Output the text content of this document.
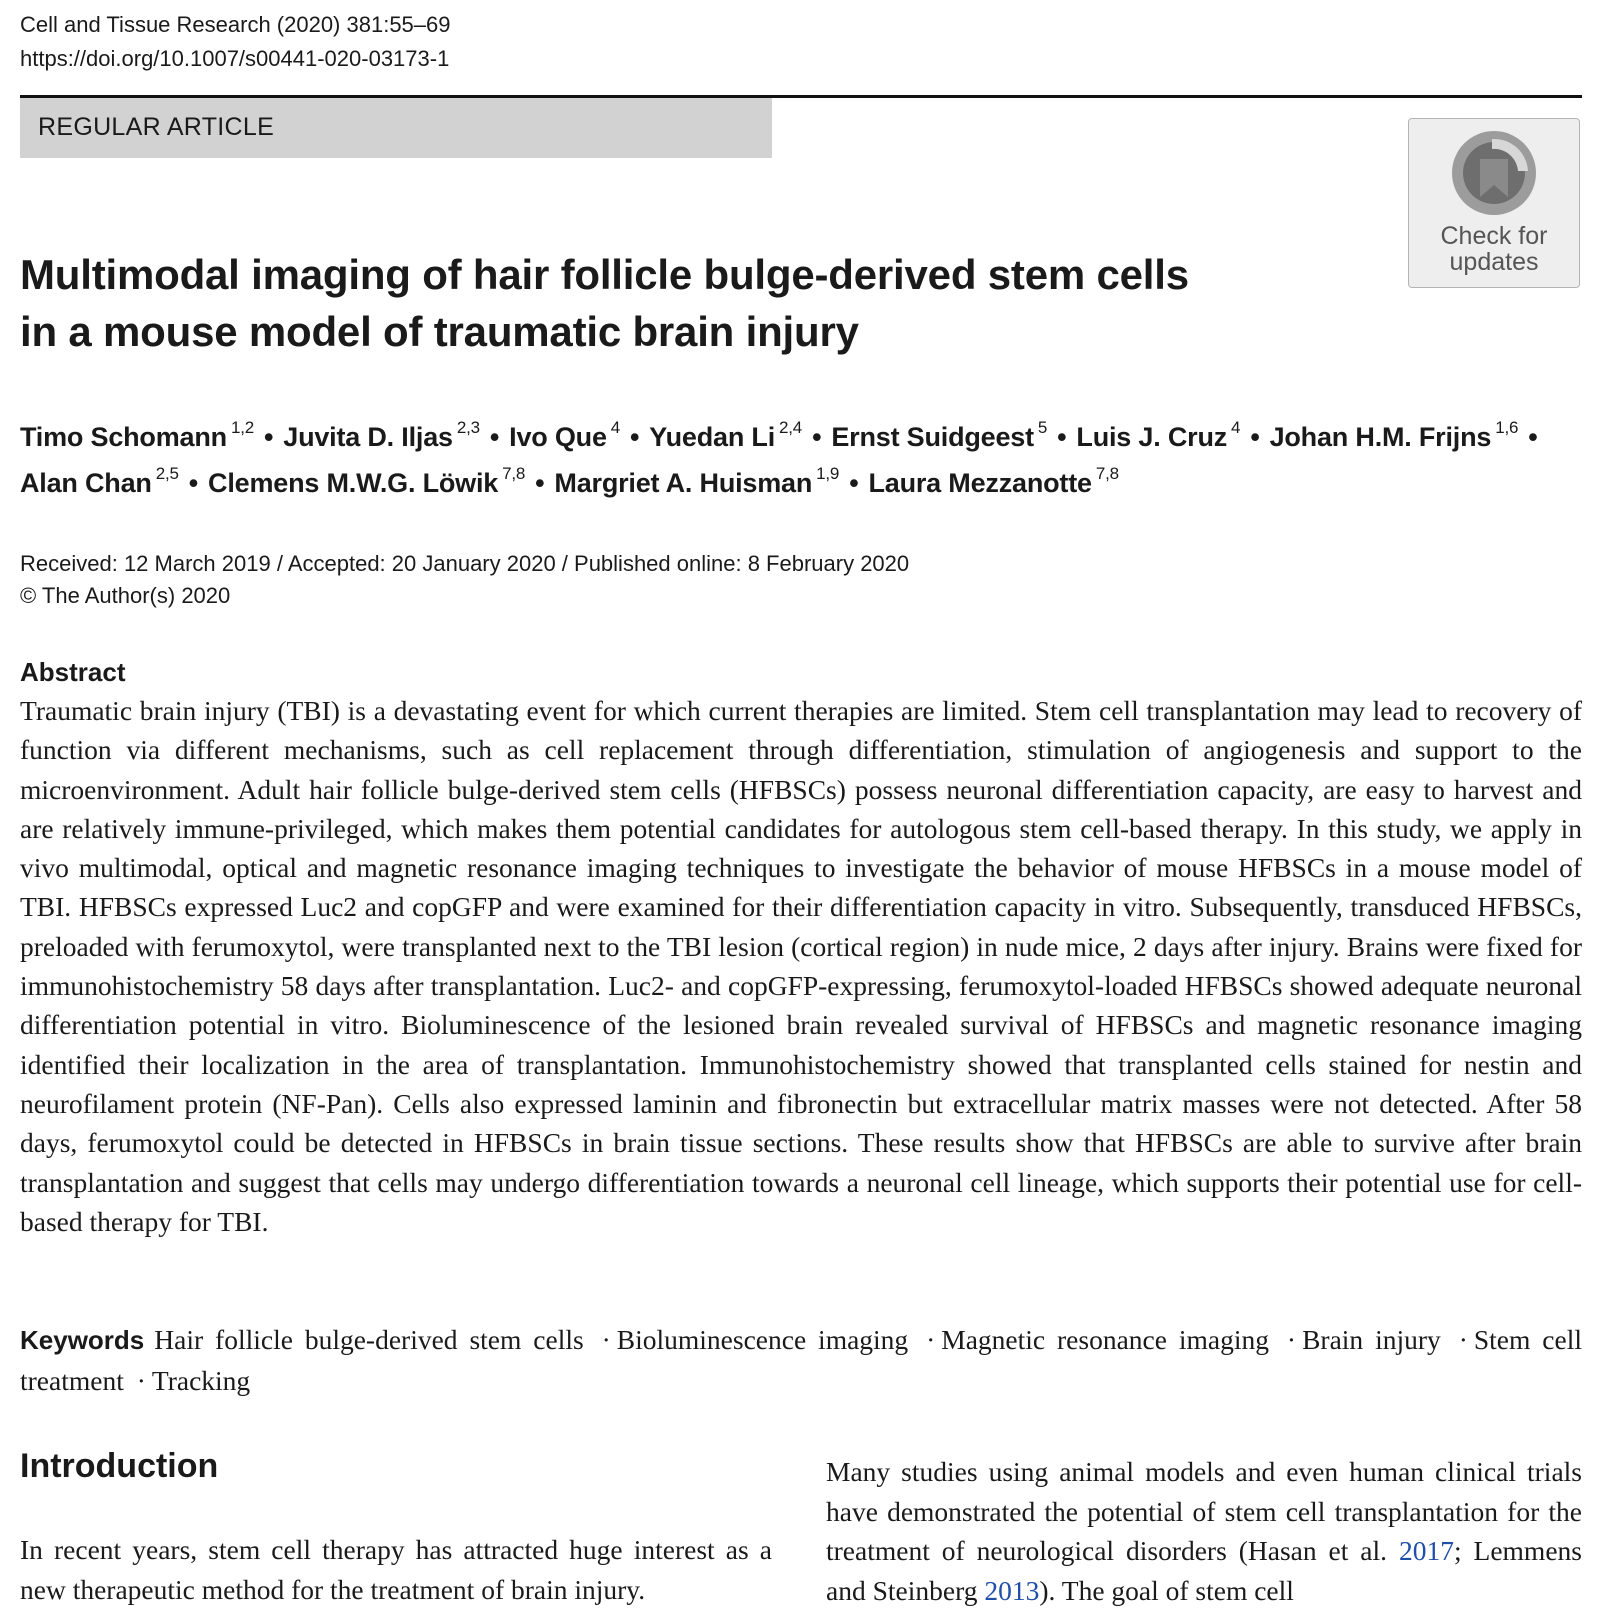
Cell and Tissue Research (2020) 381:55–69
https://doi.org/10.1007/s00441-020-03173-1
REGULAR ARTICLE
Check for
updates
Multimodal imaging of hair follicle bulge-derived stem cells
in a mouse model of traumatic brain injury
Timo Schomann $^{1,2}$ • Juvita D. Iljas $^{2,3}$ • Ivo Que $^4$ • Yuedan Li $^{2,4}$ • Ernst Suidgeest $^5$ • Luis J. Cruz $^4$ • Johan H.M. Frijns $^{1,6}$ •
Alan Chan $^{2,5}$ • Clemens M.W.G. Löwik $^{7,8}$ • Margriet A. Huisman $^{1,9}$ • Laura Mezzanotte $^{7,8}$
Received: 12 March 2019 / Accepted: 20 January 2020 / Published online: 8 February 2020
© The Author(s) 2020
Abstract

Traumatic brain injury (TBI) is a devastating event for which current therapies are limited. Stem cell transplantation may lead to recovery of function via different mechanisms, such as cell replacement through differentiation, stimulation of angiogenesis and support to the microenvironment. Adult hair follicle bulge-derived stem cells (HFBSCs) possess neuronal differentiation capacity, are easy to harvest and are relatively immune-privileged, which makes them potential candidates for autologous stem cell-based therapy. In this study, we apply in vivo multimodal, optical and magnetic resonance imaging techniques to investigate the behavior of mouse HFBSCs in a mouse model of TBI. HFBSCs expressed Luc2 and copGFP and were examined for their differentiation capacity in vitro. Subsequently, transduced HFBSCs, preloaded with ferumoxytol, were transplanted next to the TBI lesion (cortical region) in nude mice, 2 days after injury. Brains were fixed for immunohistochemistry 58 days after transplantation. Luc2- and copGFP-expressing, ferumoxytol-loaded HFBSCs showed adequate neuronal differentiation potential in vitro. Bioluminescence of the lesioned brain revealed survival of HFBSCs and magnetic resonance imaging identified their localization in the area of transplantation. Immunohistochemistry showed that transplanted cells stained for nestin and neurofilament protein (NF-Pan). Cells also expressed laminin and fibronectin but extracellular matrix masses were not detected. After 58 days, ferumoxytol could be detected in HFBSCs in brain tissue sections. These results show that HFBSCs are able to survive after brain transplantation and suggest that cells may undergo differentiation towards a neuronal cell lineage, which supports their potential use for cell-based therapy for TBI.

Keywords Hair follicle bulge-derived stem cells · Bioluminescence imaging · Magnetic resonance imaging · Brain injury · Stem cell treatment · Tracking

Introduction

In recent years, stem cell therapy has attracted huge interest as a new therapeutic method for the treatment of brain injury.

Many studies using animal models and even human clinical trials have demonstrated the potential of stem cell transplantation for the treatment of neurological disorders (Hasan et al. 2017; Lemmens and Steinberg 2013). The goal of stem cell
